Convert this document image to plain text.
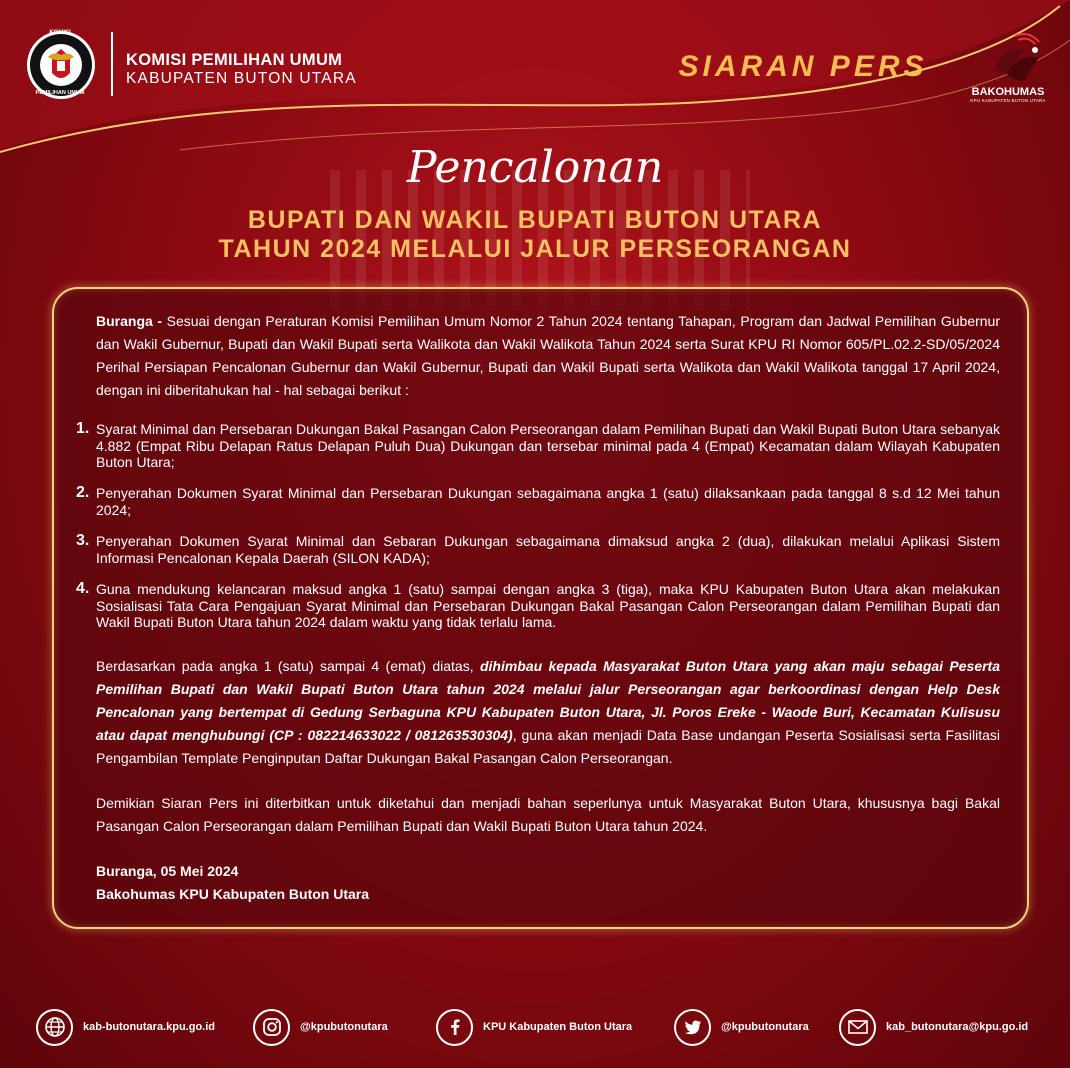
KOMISI
PEMILIHAN UMUM
KOMISI PEMILIHAN UMUM
KABUPATEN BUTON UTARA	SIARAN PERS
BAKOHUMAS
KPU KABUPATEN BUTON UTARA
Pencalonan
BUPATI DAN WAKIL BUPATI BUTON UTARA
TAHUN 2024 MELALUI JALUR PERSEORANGAN
Buranga - Sesuai dengan Peraturan Komisi Pemilihan Umum Nomor 2 Tahun 2024 tentang Tahapan, Program dan Jadwal Pemilihan Gubernur dan Wakil Gubernur, Bupati dan Wakil Bupati serta Walikota dan Wakil Walikota Tahun 2024 serta Surat KPU RI Nomor 605/PL.02.2-SD/05/2024 Perihal Persiapan Pencalonan Gubernur dan Wakil Gubernur, Bupati dan Wakil Bupati serta Walikota dan Wakil Walikota tanggal 17 April 2024, dengan ini diberitahukan hal - hal sebagai berikut :
1. Syarat Minimal dan Persebaran Dukungan Bakal Pasangan Calon Perseorangan dalam Pemilihan Bupati dan Wakil Bupati Buton Utara sebanyak 4.882 (Empat Ribu Delapan Ratus Delapan Puluh Dua) Dukungan dan tersebar minimal pada 4 (Empat) Kecamatan dalam Wilayah Kabupaten Buton Utara;
2. Penyerahan Dokumen Syarat Minimal dan Persebaran Dukungan sebagaimana angka 1 (satu) dilaksankaan pada tanggal 8 s.d 12 Mei tahun 2024;
3. Penyerahan Dokumen Syarat Minimal dan Sebaran Dukungan sebagaimana dimaksud angka 2 (dua), dilakukan melalui Aplikasi Sistem Informasi Pencalonan Kepala Daerah (SILON KADA);
4. Guna mendukung kelancaran maksud angka 1 (satu) sampai dengan angka 3 (tiga), maka KPU Kabupaten Buton Utara akan melakukan Sosialisasi Tata Cara Pengajuan Syarat Minimal dan Persebaran Dukungan Bakal Pasangan Calon Perseorangan dalam Pemilihan Bupati dan Wakil Bupati Buton Utara tahun 2024 dalam waktu yang tidak terlalu lama.
Berdasarkan pada angka 1 (satu) sampai 4 (emat) diatas, dihimbau kepada Masyarakat Buton Utara yang akan maju sebagai Peserta Pemilihan Bupati dan Wakil Bupati Buton Utara tahun 2024 melalui jalur Perseorangan agar berkoordinasi dengan Help Desk Pencalonan yang bertempat di Gedung Serbaguna KPU Kabupaten Buton Utara, Jl. Poros Ereke - Waode Buri, Kecamatan Kulisusu atau dapat menghubungi (CP : 082214633022 / 081263530304), guna akan menjadi Data Base undangan Peserta Sosialisasi serta Fasilitasi Pengambilan Template Penginputan Daftar Dukungan Bakal Pasangan Calon Perseorangan.
Demikian Siaran Pers ini diterbitkan untuk diketahui dan menjadi bahan seperlunya untuk Masyarakat Buton Utara, khususnya bagi Bakal Pasangan Calon Perseorangan dalam Pemilihan Bupati dan Wakil Bupati Buton Utara tahun 2024.
Buranga, 05 Mei 2024
Bakohumas KPU Kabupaten Buton Utara
kab-butonutara.kpu.go.id	@kpubutonutara	KPU Kabupaten Buton Utara	@kpubutonutara	kab_butonutara@kpu.go.id
